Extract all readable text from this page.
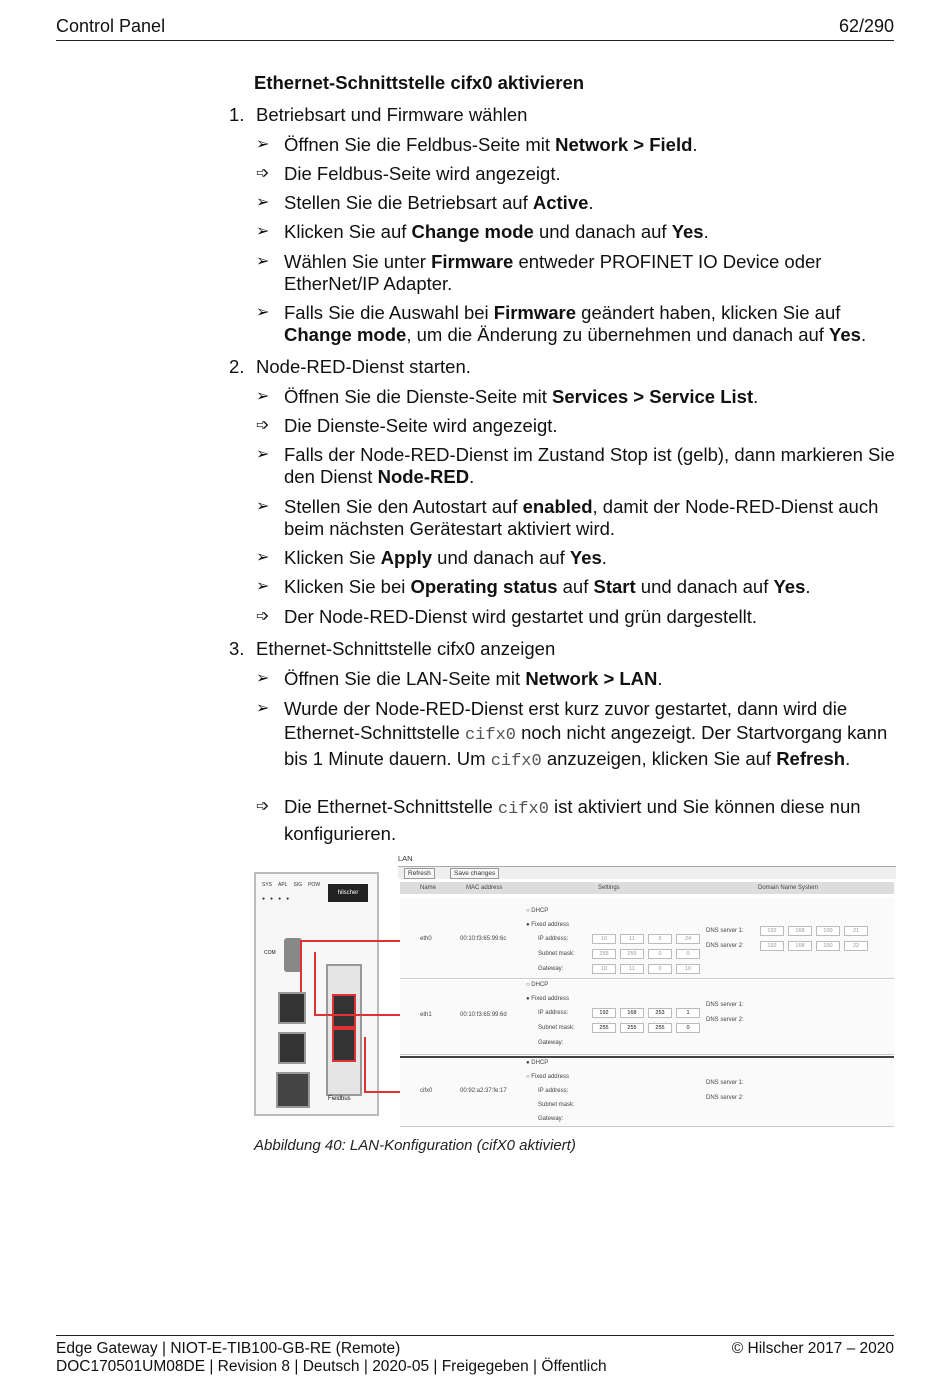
Control Panel	62/290
Ethernet-Schnittstelle cifx0 aktivieren
1. Betriebsart und Firmware wählen
➢ Öffnen Sie die Feldbus-Seite mit Network > Field.
➩ Die Feldbus-Seite wird angezeigt.
➢ Stellen Sie die Betriebsart auf Active.
➢ Klicken Sie auf Change mode und danach auf Yes.
➢ Wählen Sie unter Firmware entweder PROFINET IO Device oder EtherNet/IP Adapter.
➢ Falls Sie die Auswahl bei Firmware geändert haben, klicken Sie auf Change mode, um die Änderung zu übernehmen und danach auf Yes.
2. Node-RED-Dienst starten.
➢ Öffnen Sie die Dienste-Seite mit Services > Service List.
➩ Die Dienste-Seite wird angezeigt.
➢ Falls der Node-RED-Dienst im Zustand Stop ist (gelb), dann markieren Sie den Dienst Node-RED.
➢ Stellen Sie den Autostart auf enabled, damit der Node-RED-Dienst auch beim nächsten Gerätestart aktiviert wird.
➢ Klicken Sie Apply und danach auf Yes.
➢ Klicken Sie bei Operating status auf Start und danach auf Yes.
➩ Der Node-RED-Dienst wird gestartet und grün dargestellt.
3. Ethernet-Schnittstelle cifx0 anzeigen
➢ Öffnen Sie die LAN-Seite mit Network > LAN.
➢ Wurde der Node-RED-Dienst erst kurz zuvor gestartet, dann wird die Ethernet-Schnittstelle cifx0 noch nicht angezeigt. Der Startvorgang kann bis 1 Minute dauern. Um cifx0 anzuzeigen, klicken Sie auf Refresh.
➩ Die Ethernet-Schnittstelle cifx0 ist aktiviert und Sie können diese nun konfigurieren.
SYS APL SIG POW
● ● ● ●
hilscher
COM
Fieldbus
LAN
Refresh	Save changes
Name	MAC address	Settings	Domain Name System
eth0	00:10:f3:65:99:6c
○ DHCP
● Fixed address
IP address:	10	11	5	24
Subnet mask:	255	255	0	0
Gateway:	10	11	0	10
DNS server 1:	192	168	100	21
DNS server 2:	192	168	100	22
eth1	00:10:f3:65:99:6d
○ DHCP
● Fixed address
IP address:	192	168	253	1
Subnet mask:	255	255	255	0
Gateway:
DNS server 1:
DNS server 2:
cifx0	00:92:a2:37:fe:17
● DHCP
○ Fixed address
IP address:
Subnet mask:
Gateway:
DNS server 1:
DNS server 2:
Abbildung 40: LAN-Konfiguration (cifX0 aktiviert)
Edge Gateway | NIOT-E-TIB100-GB-RE (Remote)
DOC170501UM08DE | Revision 8 | Deutsch | 2020-05 | Freigegeben | Öffentlich
© Hilscher 2017 – 2020
